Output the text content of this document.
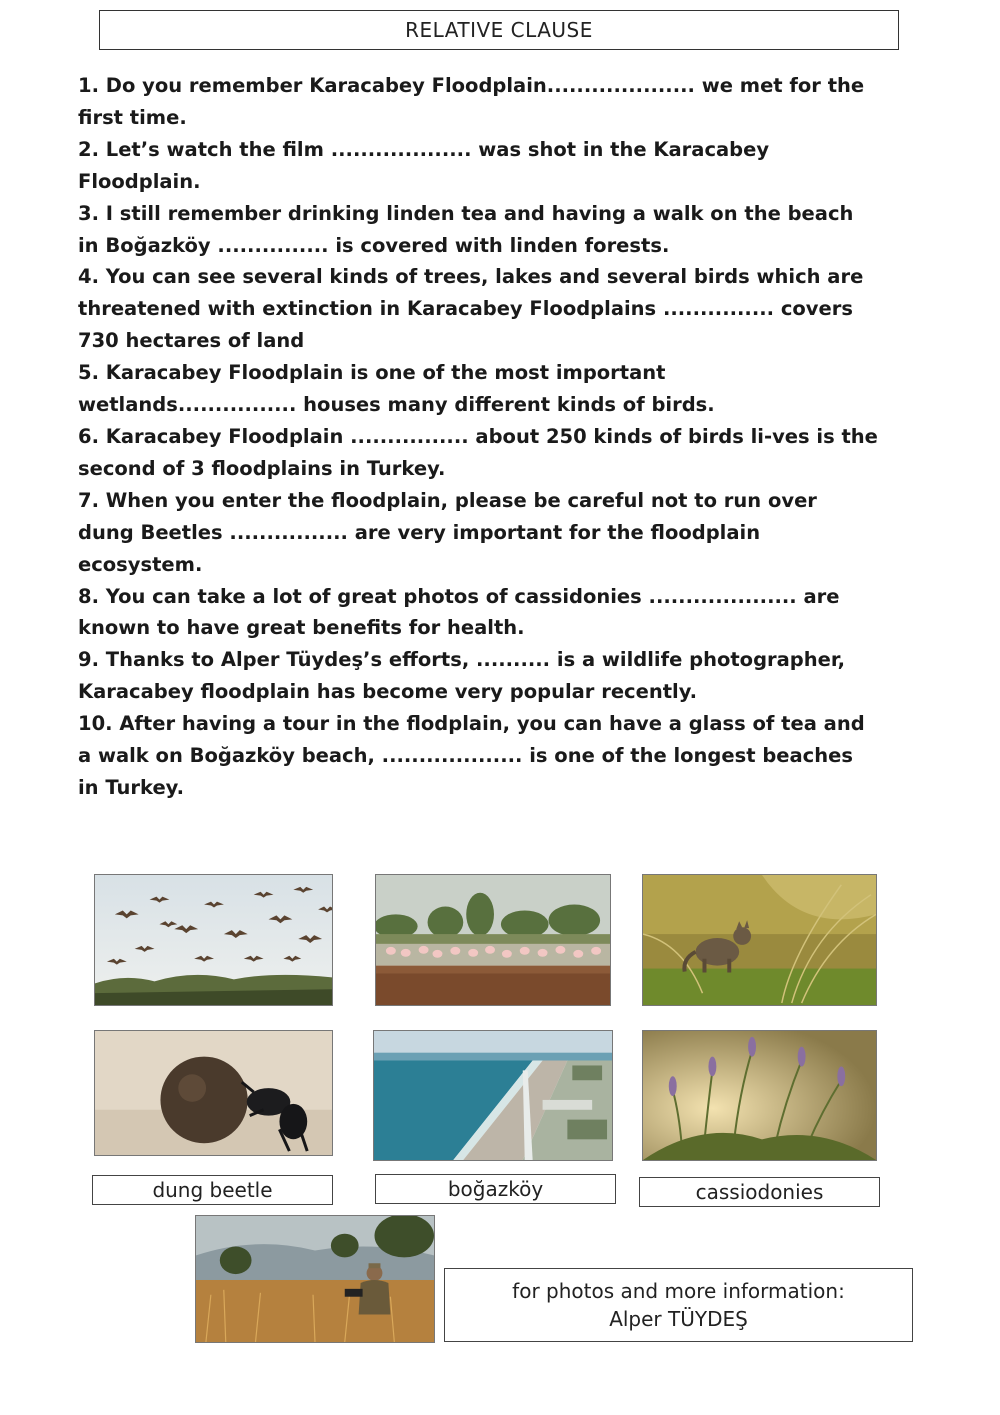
RELATIVE CLAUSE

1. Do you remember Karacabey Floodplain.................... we met for the first time.

2. Let’s watch the film ................... was shot in the Karacabey Floodplain.

3. I still remember drinking linden tea and having a walk on the beach in Boğazköy ............... is covered with linden forests.

4. You can see several kinds of trees, lakes and several birds which are threatened with extinction in Karacabey Floodplains ............... covers 730 hectares of land

5. Karacabey Floodplain is one of the most important wetlands................ houses many different kinds of birds.

6. Karacabey Floodplain ................ about 250 kinds of birds li-ves is the second of 3 floodplains in Turkey.

7. When you enter the floodplain, please be careful not to run over dung Beetles ................ are very important for the floodplain ecosystem.

8. You can take a lot of great photos of cassidonies .................... are known to have great benefits for health.

9. Thanks to Alper Tüydeş’s efforts, .......... is a wildlife photographer, Karacabey floodplain has become very popular recently.

10. After having a tour in the flodplain, you can have a glass of tea and a walk on Boğazköy beach, ................... is one of the longest beaches in Turkey.

dung beetle	boğazköy	cassiodonies
for photos and more information:
Alper TÜYDEŞ
